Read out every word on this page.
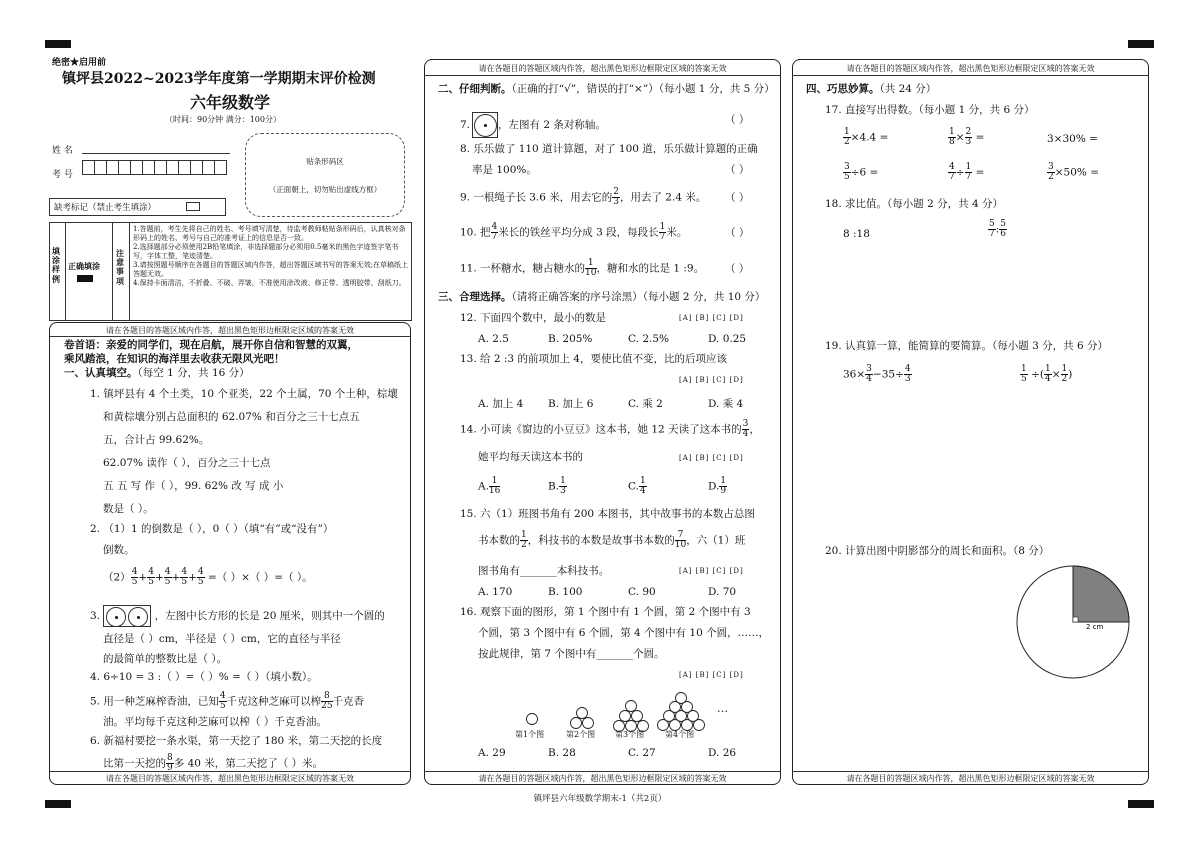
绝密★启用前
镇坪县2022~2023学年度第一学期期末评价检测
六年级数学
（时间：90分钟 满分：100分）
姓 名
考 号
贴条形码区
（正面朝上，切勿贴出虚线方框）
缺考标记（禁止考生填涂）
填涂样例
正确填涂
注意事项
1.答题前，考生先将自己的姓名、考号填写清楚，待监考教师粘贴条形码后，认真核对条形码上的姓名、考号与自己的准考证上的信息是否一致。
2.选择题部分必须使用2B铅笔填涂，非选择题部分必须用0.5毫米的黑色字迹签字笔书写，字体工整，笔迹清楚。
3.请按照题号顺序在各题目的答题区域内作答，超出答题区域书写的答案无效;在草稿纸上答题无效。
4.保持卡面清洁，不折叠、不破、弄皱，不准使用涂改液、修正带、透明胶带、刮纸刀。
请在各题目的答题区域内作答，超出黑色矩形边框限定区域的答案无效
卷首语：亲爱的同学们，现在启航，展开你自信和智慧的双翼，
乘风踏浪，在知识的海洋里去收获无限风光吧！
一、认真填空。（每空 1 分，共 16 分）
1. 镇坪县有 4 个土类，10 个亚类，22 个土属，70 个土种，棕壤
和黄棕壤分别占总面积的 62.07% 和百分之三十七点五
五，合计占 99.62%。
62.07% 读作（ ），百分之三十七点
五 五 写 作（ ），99. 62% 改 写 成 小
数是（ ）。
2. （1）1 的倒数是（ ），0（ ）（填“有”或“没有”）
倒数。
$(2) \frac{4}{5} + \frac{4}{5} + \frac{4}{5} + \frac{4}{5} + \frac{4}{5}$ =（ ）×（ ）=（ ）。
3.	，左图中长方形的长是 20 厘米，则其中一个圆的
直径是（ ）cm，半径是（ ）cm，它的直径与半径
的最简单的整数比是（ ）。
4. 6÷10 = 3 :（ ）=（ ）% =（ ）（填小数）。
5. 用一种芝麻榨香油，已知 $\frac{4}{5}$ 千克这种芝麻可以榨 $\frac{8}{25}$ 千克香
油。平均每千克这种芝麻可以榨（ ）千克香油。
6. 新福村要挖一条水渠，第一天挖了 180 米，第二天挖的长度
比第一天挖的 $\frac{8}{9}$ 多 40 米，第二天挖了（ ）米。
请在各题目的答题区域内作答，超出黑色矩形边框限定区域的答案无效
请在各题目的答题区域内作答，超出黑色矩形边框限定区域的答案无效
二、仔细判断。（正确的打“√”，错误的打“×”）（每小题 1 分，共 5 分）
7.	，左图有 2 条对称轴。	（ ）
8. 乐乐做了 110 道计算题，对了 100 道，乐乐做计算题的正确
率是 100%。	（ ）
9. 一根绳子长 3.6 米，用去它的 $\frac{2}{3}$ ，用去了 2.4 米。 （ ）
10. 把 $\frac{4}{7}$ 米长的铁丝平均分成 3 段，每段长 $\frac{1}{7}$ 米。	（ ）
11. 一杯糖水，糖占糖水的 $\frac{1}{10}$ ，糖和水的比是 1 :9。 （ ）
三、合理选择。（请将正确答案的序号涂黑）（每小题 2 分，共 10 分）
12. 下面四个数中，最小的数是	[A] [B] [C] [D]
A. 2.5	B. 205%	C. 2.5%	D. 0.25
13. 给 2 :3 的前项加上 4，要使比值不变，比的后项应该
[A] [B] [C] [D]
A. 加上 4 B. 加上 6	C. 乘 2	D. 乘 4
14. 小可读《窗边的小豆豆》这本书，她 12 天读了这本书的 $\frac{3}{4}$ ，
她平均每天读这本书的	[A] [B] [C] [D]
A. $\frac{1}{16}$	B. $\frac{1}{3}$	C. $\frac{1}{4}$	D. $\frac{1}{9}$
15. 六（1）班图书角有 200 本图书，其中故事书的本数占总图
书本数的 $\frac{1}{2}$ ，科技书的本数是故事书本数的 $\frac{7}{10}$ ，六（1）班
图书角有_______本科技书。	[A] [B] [C] [D]
A. 170	B. 100	C. 90	D. 70
16. 观察下面的图形，第 1 个图中有 1 个圆，第 2 个图中有 3
个圆，第 3 个图中有 6 个圆，第 4 个图中有 10 个圆，……，
按此规律，第 7 个图中有_______个圆。
[A] [B] [C] [D]
…
第1个图	第2个图 第3个图	第4个图
A. 29	B. 28	C. 27	D. 26
请在各题目的答题区域内作答，超出黑色矩形边框限定区域的答案无效
请在各题目的答题区域内作答，超出黑色矩形边框限定区域的答案无效
四、巧思妙算。（共 24 分）
17. 直接写出得数。（每小题 1 分，共 6 分）
$\frac{1}{2} \times 4.4$ =	$\frac{1}{8} \times \frac{2}{3}$ =	3×30% =
$\frac{3}{5} \div 6$ =	$\frac{4}{7} \div \frac{1}{7}$ =	$\frac{3}{2} \times 50\%$ =
18. 求比值。（每小题 2 分，共 4 分）
8 :18	$\frac{5}{7}$ : $\frac{5}{6}$
19. 认真算一算，能简算的要简算。（每小题 3 分，共 6 分）
$36\times \frac{3}{4} -35\div \frac{4}{3}$	$\frac{1}{5}$ ÷( $\frac{1}{4} \times \frac{1}{2}$ )
20. 计算出图中阴影部分的周长和面积。（8 分）
2 cm
请在各题目的答题区域内作答，超出黑色矩形边框限定区域的答案无效
镇坪县六年级数学期末-1（共2页）
